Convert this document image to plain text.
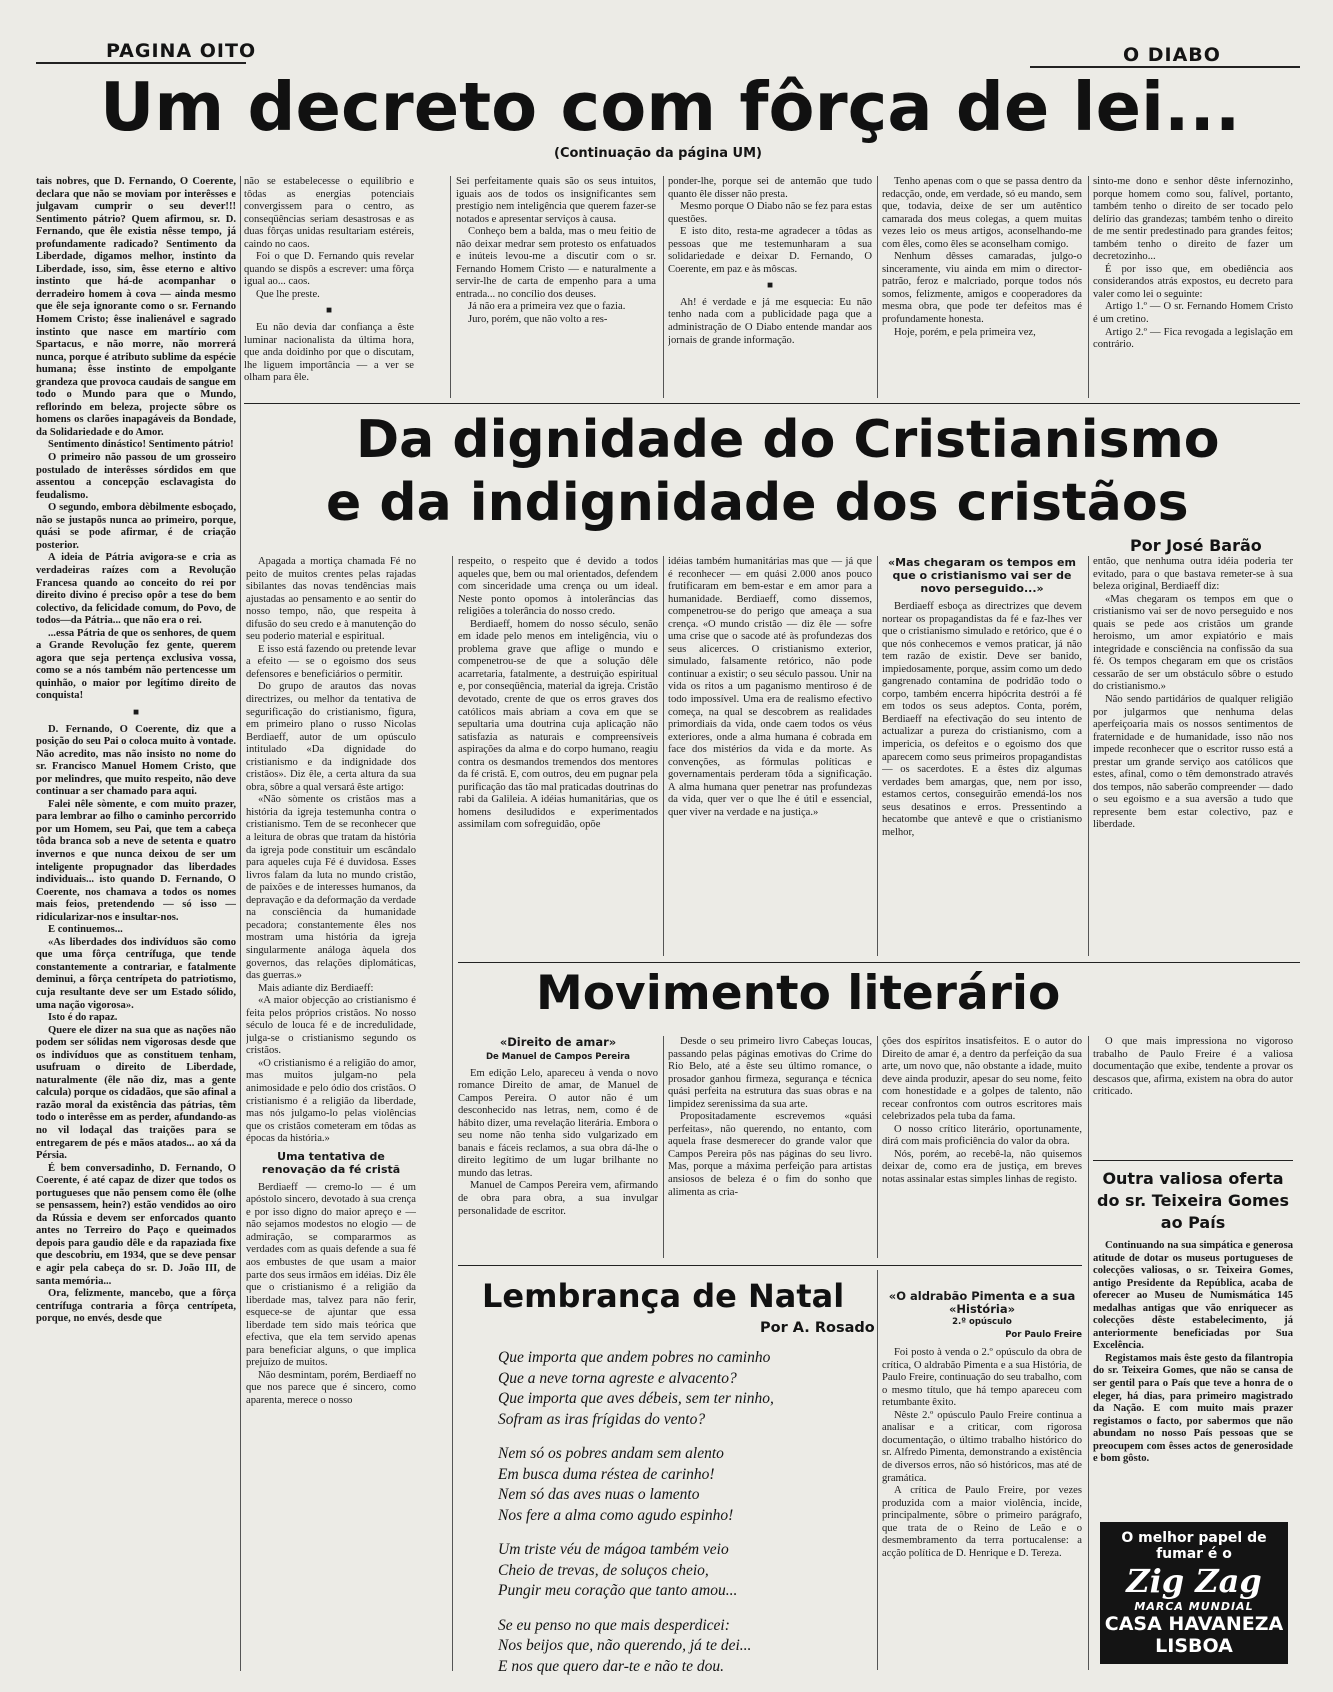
PAGINA OITO	O DIABO
Um decreto com fôrça de lei...
(Continuação da página UM)

tais nobres, que D. Fernando, O Coerente, declara que não se moviam por interêsses e julgavam cumprir o seu dever!!! Sentimento pátrio? Quem afirmou, sr. D. Fernando, que êle existia nêsse tempo, já profundamente radicado? Sentimento da Liberdade, digamos melhor, instinto da Liberdade, isso, sim, êsse eterno e altivo instinto que há-de acompanhar o derradeiro homem à cova — ainda mesmo que êle seja ignorante como o sr. Fernando Homem Cristo; êsse inalienável e sagrado instinto que nasce em martírio com Spartacus, e não morre, não morrerá nunca, porque é atributo sublime da espécie humana; êsse instinto de empolgante grandeza que provoca caudais de sangue em todo o Mundo para que o Mundo, reflorindo em beleza, projecte sôbre os homens os clarões inapagáveis da Bondade, da Solidariedade e do Amor.

Sentimento dinástico! Sentimento pátrio!

O primeiro não passou de um grosseiro postulado de interêsses sórdidos em que assentou a concepção esclavagista do feudalismo.

O segundo, embora dèbilmente esboçado, não se justapõs nunca ao primeiro, porque, quási se pode afirmar, é de criação posterior.

A ideia de Pátria avigora-se e cria as verdadeiras raízes com a Revolução Francesa quando ao conceito do rei por direito divino é preciso opôr a tese do bem colectivo, da felicidade comum, do Povo, de todos—da Pátria... que não era o rei.

...essa Pátria de que os senhores, de quem a Grande Revolução fez gente, querem agora que seja pertença exclusiva vossa, como se a nós também não pertencesse um quinhão, o maior por legítimo direito de conquista!

■

D. Fernando, O Coerente, diz que a posição do seu Pai o coloca muito à vontade. Não acredito, mas não insisto no nome do sr. Francisco Manuel Homem Cristo, que por melindres, que muito respeito, não deve continuar a ser chamado para aqui.

Falei nêle sòmente, e com muito prazer, para lembrar ao filho o caminho percorrido por um Homem, seu Pai, que tem a cabeça tôda branca sob a neve de setenta e quatro invernos e que nunca deixou de ser um inteligente propugnador das liberdades individuais... isto quando D. Fernando, O Coerente, nos chamava a todos os nomes mais feios, pretendendo — só isso — ridicularizar-nos e insultar-nos.

E continuemos...

«As liberdades dos indivíduos são como que uma fôrça centrífuga, que tende constantemente a contrariar, e fatalmente deminui, a fôrça centrípeta do patriotismo, cuja resultante deve ser um Estado sólido, uma nação vigorosa».

Isto é do rapaz.

Quere ele dizer na sua que as nações não podem ser sólidas nem vigorosas desde que os indivíduos que as constituem tenham, usufruam o direito de Liberdade, naturalmente (êle não diz, mas a gente calcula) porque os cidadãos, que são afinal a razão moral da existência das pátrias, têm todo o interêsse em as perder, afundando-as no vil lodaçal das traições para se entregarem de pés e mãos atados... ao xá da Pérsia.

É bem conversadinho, D. Fernando, O Coerente, é até capaz de dizer que todos os portugueses que não pensem como êle (olhe se pensassem, hein?) estão vendidos ao oiro da Rússia e devem ser enforcados quanto antes no Terreiro do Paço e queimados depois para gaudio dêle e da rapaziada fixe que descobriu, em 1934, que se deve pensar e agir pela cabeça do sr. D. João III, de santa memória...

Ora, felizmente, mancebo, que a fôrça centrífuga contraria a fôrça centrípeta, porque, no envés, desde que

não se estabelecesse o equilíbrio e tôdas as energias potenciais convergissem para o centro, as conseqüências seriam desastrosas e as duas fôrças unidas resultariam estéreis, caindo no caos.

Foi o que D. Fernando quis revelar quando se dispôs a escrever: uma fôrça igual ao... caos.

Que lhe preste.

■

Eu não devia dar confiança a êste luminar nacionalista da última hora, que anda doidinho por que o discutam, lhe liguem importância — a ver se olham para êle.

Sei perfeitamente quais são os seus intuitos, iguais aos de todos os insignificantes sem prestígio nem inteligência que querem fazer-se notados e apresentar serviços à causa.

Conheço bem a balda, mas o meu feitio de não deixar medrar sem protesto os enfatuados e inúteis levou-me a discutir com o sr. Fernando Homem Cristo — e naturalmente a servir-lhe de carta de empenho para a uma entrada... no concílio dos deuses.

Já não era a primeira vez que o fazia.

Juro, porém, que não volto a res-

ponder-lhe, porque sei de antemão que tudo quanto êle disser não presta.

Mesmo porque O Diabo não se fez para estas questões.

E isto dito, resta-me agradecer a tôdas as pessoas que me testemunharam a sua solidariedade e deixar D. Fernando, O Coerente, em paz e às môscas.

■

Ah! é verdade e já me esquecia: Eu não tenho nada com a publicidade paga que a administração de O Diabo entende mandar aos jornais de grande informação.

Tenho apenas com o que se passa dentro da redacção, onde, em verdade, só eu mando, sem que, todavia, deixe de ser um autêntico camarada dos meus colegas, a quem muitas vezes leio os meus artigos, aconselhando-me com êles, como êles se aconselham comigo.

Nenhum dêsses camaradas, julgo-o sinceramente, viu ainda em mim o director-patrão, feroz e malcriado, porque todos nós somos, felizmente, amigos e cooperadores da mesma obra, que pode ter defeitos mas é profundamente honesta.

Hoje, porém, e pela primeira vez,

sinto-me dono e senhor dêste infernozinho, porque homem como sou, falível, portanto, também tenho o direito de ser tocado pelo delírio das grandezas; também tenho o direito de me sentir predestinado para grandes feitos; também tenho o direito de fazer um decretozinho...

É por isso que, em obediência aos considerandos atrás expostos, eu decreto para valer como lei o seguinte:

Artigo 1.º — O sr. Fernando Homem Cristo é um cretino.

Artigo 2.º — Fica revogada a legislação em contrário.

Da dignidade do Cristianismo
e da indignidade dos cristãos
Por José Barão

Apagada a mortiça chamada Fé no peito de muitos crentes pelas rajadas sibilantes das novas tendências mais ajustadas ao pensamento e ao sentir do nosso tempo, não, que respeita à difusão do seu credo e à manutenção do seu poderio material e espiritual.

E isso está fazendo ou pretende levar a efeito — se o egoismo dos seus defensores e beneficiários o permitir.

Do grupo de arautos das novas directrizes, ou melhor da tentativa de segurificação do cristianismo, figura, em primeiro plano o russo Nicolas Berdiaeff, autor de um opúsculo intitulado «Da dignidade do cristianismo e da indignidade dos cristãos». Diz êle, a certa altura da sua obra, sôbre a qual versará êste artigo:

«Não sòmente os cristãos mas a história da igreja testemunha contra o cristianismo. Tem de se reconhecer que a leitura de obras que tratam da história da igreja pode constituir um escândalo para aqueles cuja Fé é duvidosa. Esses livros falam da luta no mundo cristão, de paixões e de interesses humanos, da depravação e da deformação da verdade na consciência da humanidade pecadora; constantemente êles nos mostram uma história da igreja singularmente análoga àquela dos governos, das relações diplomáticas, das guerras.»

Mais adiante diz Berdiaeff:

«A maior objecção ao cristianismo é feita pelos próprios cristãos. No nosso século de louca fé e de incredulidade, julga-se o cristianismo segundo os cristãos.

«O cristianismo é a religião do amor, mas muitos julgam-no pela animosidade e pelo ódio dos cristãos. O cristianismo é a religião da liberdade, mas nós julgamo-lo pelas violências que os cristãos cometeram em tôdas as épocas da história.»

Uma tentativa de renovação da fé cristã

Berdiaeff — cremo-lo — é um apóstolo sincero, devotado à sua crença e por isso digno do maior apreço e — não sejamos modestos no elogio — de admiração, se compararmos as verdades com as quais defende a sua fé aos embustes de que usam a maior parte dos seus irmãos em idéias. Diz êle que o cristianismo é a religião da liberdade mas, talvez para não ferir, esquece-se de ajuntar que essa liberdade tem sido mais teórica que efectiva, que ela tem servido apenas para beneficiar alguns, o que implica prejuízo de muitos.

Não desmintam, porém, Berdiaeff no que nos parece que é sincero, como aparenta, merece o nosso

respeito, o respeito que é devido a todos aqueles que, bem ou mal orientados, defendem com sinceridade uma crença ou um ideal. Neste ponto opomos à intolerâncias das religiões a tolerância do nosso credo.

Berdiaeff, homem do nosso século, senão em idade pelo menos em inteligência, viu o problema grave que aflige o mundo e compenetrou-se de que a solução dêle acarretaria, fatalmente, a destruição espiritual e, por conseqüência, material da igreja. Cristão devotado, crente de que os erros graves dos católicos mais abriam a cova em que se sepultaria uma doutrina cuja aplicação não satisfazia as naturais e compreensíveis aspirações da alma e do corpo humano, reagiu contra os desmandos tremendos dos mentores da fé cristã. E, com outros, deu em pugnar pela purificação das tão mal praticadas doutrinas do rabi da Galileia. A idéias humanitárias, que os homens desiludidos e experimentados assimilam com sofreguidão, opõe

idéias também humanitárias mas que — já que é reconhecer — em quási 2.000 anos pouco frutificaram em bem-estar e em amor para a humanidade. Berdiaeff, como dissemos, compenetrou-se do perigo que ameaça a sua crença. «O mundo cristão — diz êle — sofre uma crise que o sacode até às profundezas dos seus alicerces. O cristianismo exterior, simulado, falsamente retórico, não pode continuar a existir; o seu século passou. Unir na vida os ritos a um paganismo mentiroso é de todo impossível. Uma era de realismo efectivo começa, na qual se descobrem as realidades primordiais da vida, onde caem todos os véus exteriores, onde a alma humana é cobrada em face dos mistérios da vida e da morte. As convenções, as fórmulas políticas e governamentais perderam tôda a significação. A alma humana quer penetrar nas profundezas da vida, quer ver o que lhe é útil e essencial, quer viver na verdade e na justiça.»

«Mas chegaram os tempos em que o cristianismo vai ser de novo perseguido...»

Berdiaeff esboça as directrizes que devem nortear os propagandistas da fé e faz-lhes ver que o cristianismo simulado e retórico, que é o que nós conhecemos e vemos praticar, já não tem razão de existir. Deve ser banido, impiedosamente, porque, assim como um dedo gangrenado contamina de podridão todo o corpo, também encerra hipócrita destrói a fé em todos os seus adeptos. Conta, porém, Berdiaeff na efectivação do seu intento de actualizar a pureza do cristianismo, com a impericia, os defeitos e o egoismo dos que aparecem como seus primeiros propagandistas — os sacerdotes. E a êstes diz algumas verdades bem amargas, que, nem por isso, estamos certos, conseguirão emendá-los nos seus desatinos e erros. Pressentindo a hecatombe que antevê e que o cristianismo melhor,

então, que nenhuma outra idéia poderia ter evitado, para o que bastava remeter-se à sua beleza original, Berdiaeff diz:

«Mas chegaram os tempos em que o cristianismo vai ser de novo perseguido e nos quais se pede aos cristãos um grande heroismo, um amor expiatório e mais integridade e consciência na confissão da sua fé. Os tempos chegaram em que os cristãos cessarão de ser um obstáculo sôbre o estudo do cristianismo.»

Não sendo partidários de qualquer religião por julgarmos que nenhuma delas aperfeiçoaria mais os nossos sentimentos de fraternidade e de humanidade, isso não nos impede reconhecer que o escritor russo está a prestar um grande serviço aos católicos que estes, afinal, como o têm demonstrado através dos tempos, não saberão compreender — dado o seu egoismo e a sua aversão a tudo que represente bem estar colectivo, paz e liberdade.

Movimento literário
«Direito de amar»
De Manuel de Campos Pereira

Em edição Lelo, apareceu à venda o novo romance Direito de amar, de Manuel de Campos Pereira. O autor não é um desconhecido nas letras, nem, como é de hábito dizer, uma revelação literária. Embora o seu nome não tenha sido vulgarizado em banais e fáceis reclamos, a sua obra dá-lhe o direito legítimo de um lugar brilhante no mundo das letras.

Manuel de Campos Pereira vem, afirmando de obra para obra, a sua invulgar personalidade de escritor.

Desde o seu primeiro livro Cabeças loucas, passando pelas páginas emotivas do Crime do Rio Belo, até a êste seu último romance, o prosador ganhou firmeza, segurança e técnica quási perfeita na estrutura das suas obras e na limpidez serenissima da sua arte.

Propositadamente escrevemos «quási perfeitas», não querendo, no entanto, com aquela frase desmerecer do grande valor que Campos Pereira pôs nas páginas do seu livro. Mas, porque a máxima perfeição para artistas ansiosos de beleza é o fim do sonho que alimenta as cria-

ções dos espíritos insatisfeitos. E o autor do Direito de amar é, a dentro da perfeição da sua arte, um novo que, não obstante a idade, muito deve ainda produzir, apesar do seu nome, feito com honestidade e a golpes de talento, não recear confrontos com outros escritores mais celebrizados pela tuba da fama.

O nosso crítico literário, oportunamente, dirá com mais proficiência do valor da obra.

Nós, porém, ao recebê-la, não quisemos deixar de, como era de justiça, em breves notas assinalar estas simples linhas de registo.

O que mais impressiona no vigoroso trabalho de Paulo Freire é a valiosa documentação que exibe, tendente a provar os descasos que, afirma, existem na obra do autor criticado.

Outra valiosa oferta do sr. Teixeira Gomes ao País

Continuando na sua simpática e generosa atitude de dotar os museus portugueses de colecções valiosas, o sr. Teixeira Gomes, antigo Presidente da República, acaba de oferecer ao Museu de Numismática 145 medalhas antigas que vão enriquecer as colecções dêste estabelecimento, já anteriormente beneficiadas por Sua Excelência.

Registamos mais êste gesto da filantropia do sr. Teixeira Gomes, que não se cansa de ser gentil para o País que teve a honra de o eleger, há dias, para primeiro magistrado da Nação. E com muito mais prazer registamos o facto, por sabermos que não abundam no nosso País pessoas que se preocupem com êsses actos de generosidade e bom gôsto.

O melhor papel de fumar é o
Zig Zag
MARCA MUNDIAL
CASA HAVANEZA
LISBOA
Lembrança de Natal
Por A. Rosado
Que importa que andem pobres no caminho
Que a neve torna agreste e alvacento?
Que importa que aves débeis, sem ter ninho,
Sofram as iras frígidas do vento?
Nem só os pobres andam sem alento
Em busca duma réstea de carinho!
Nem só das aves nuas o lamento
Nos fere a alma como agudo espinho!
Um triste véu de mágoa também veio
Cheio de trevas, de soluços cheio,
Pungir meu coração que tanto amou...
Se eu penso no que mais desperdicei:
Nos beijos que, não querendo, já te dei...
E nos que quero dar-te e não te dou.
«O aldrabão Pimenta e a sua «História»
2.º opúsculo
Por Paulo Freire

Foi posto à venda o 2.º opúsculo da obra de crítica, O aldrabão Pimenta e a sua História, de Paulo Freire, continuação do seu trabalho, com o mesmo título, que há tempo apareceu com retumbante êxito.

Nêste 2.º opúsculo Paulo Freire continua a analisar e a criticar, com rigorosa documentação, o último trabalho histórico do sr. Alfredo Pimenta, demonstrando a existência de diversos erros, não só históricos, mas até de gramática.

A crítica de Paulo Freire, por vezes produzida com a maior violência, incide, principalmente, sôbre o primeiro parágrafo, que trata de o Reino de Leão e o desmembramento da terra portucalense: a acção política de D. Henrique e D. Tereza.
